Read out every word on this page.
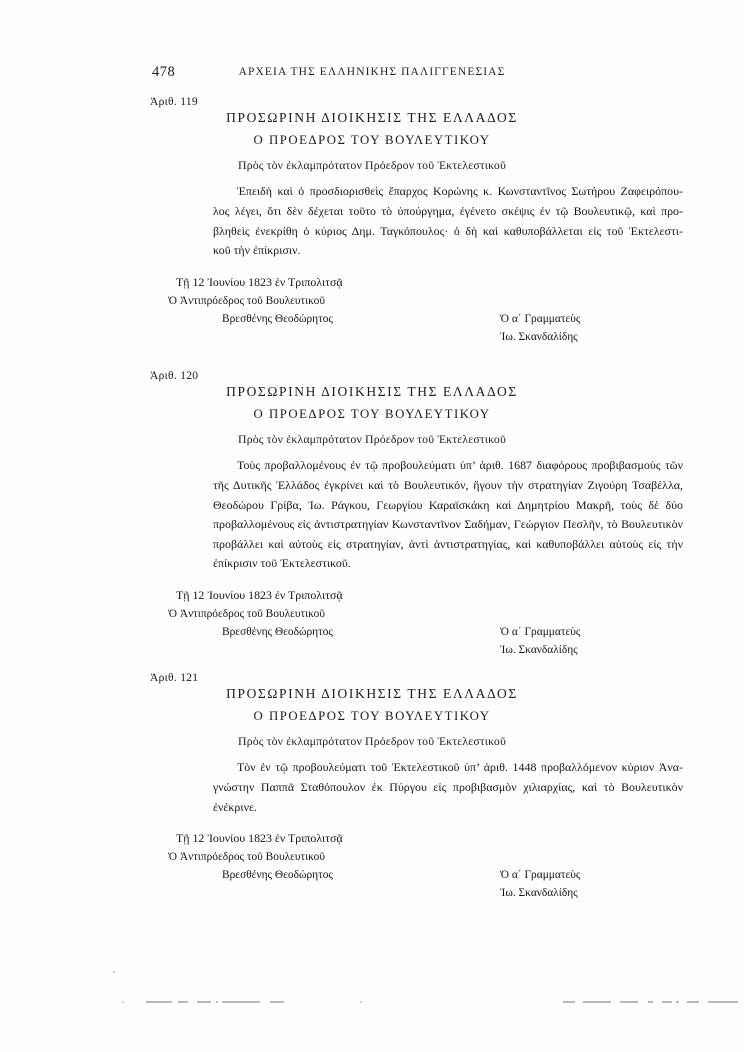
478	ΑΡΧΕΙΑ ΤΗΣ ΕΛΛΗΝΙΚΗΣ ΠΑΛΙΓΓΕΝΕΣΙΑΣ
Ἀριθ. 119
ΠΡΟΣΩΡΙΝΗ ΔΙΟΙΚΗΣΙΣ ΤΗΣ ΕΛΛΑΔΟΣ
Ο ΠΡΟΕΔΡΟΣ ΤΟΥ ΒΟΥΛΕΥΤΙΚΟΥ
Πρὸς τὸν ἐκλαμπρότατον Πρόεδρον τοῦ Ἐκτελεστικοῦ
Ἐπειδὴ καὶ ὁ προσδιορισθεὶς ἔπαρχος Κορώνης κ. Κωνσταντῖνος Σωτήρου Ζαφειρόπου-
λος λέγει, ὅτι δὲν δέχεται τοῦτο τὸ ὑπούργημα, ἐγένετο σκέψις ἐν τῷ Βουλευτικῷ, καὶ προ-
βληθεὶς ἐνεκρίθη ὁ κύριος Δημ. Ταγκόπουλος· ὁ δὴ καὶ καθυποβάλλεται εἰς τοῦ Ἐκτελεστι-
κοῦ τὴν ἐπίκρισιν.
Τῇ 12 Ἰουνίου 1823 ἐν Τριπολιτσᾷ
Ὁ Ἀντιπρόεδρος τοῦ Βουλευτικοῦ
Βρεσθένης Θεοδώρητος	Ὁ α΄ Γραμματεὺς
Ἰω. Σκανδαλίδης
Ἀριθ. 120
ΠΡΟΣΩΡΙΝΗ ΔΙΟΙΚΗΣΙΣ ΤΗΣ ΕΛΛΑΔΟΣ
Ο ΠΡΟΕΔΡΟΣ ΤΟΥ ΒΟΥΛΕΥΤΙΚΟΥ
Πρὸς τὸν ἐκλαμπρότατον Πρόεδρον τοῦ Ἐκτελεστικοῦ
Τοὺς προβαλλομένους ἐν τῷ προβουλεύματι ὑπ’ ἀριθ. 1687 διαφόρους προβιβασμοὺς τῶν
τῆς Δυτικῆς Ἑλλάδος ἐγκρίνει καὶ τὸ Βουλευτικόν, ἤγουν τὴν στρατηγίαν Ζιγούρη Τσαβέλλα,
Θεοδώρου Γρίβα, Ἰω. Ράγκου, Γεωργίου Καραϊσκάκη καὶ Δημητρίου Μακρῆ, τοὺς δὲ δύο
προβαλλομένους εἰς ἀντιστρατηγίαν Κωνσταντῖνον Σαδήμαν, Γεώργιον Πεσλῆν, τὸ Βουλευτικὸν
προβάλλει καὶ αὐτοὺς εἰς στρατηγίαν, ἀντὶ ἀντιστρατηγίας, καὶ καθυποβάλλει αὐτοὺς εἰς τὴν
ἐπίκρισιν τοῦ Ἐκτελεστικοῦ.
Τῇ 12 Ἰουνίου 1823 ἐν Τριπολιτσᾷ
Ὁ Ἀντιπρόεδρος τοῦ Βουλευτικοῦ
Βρεσθένης Θεοδώρητος	Ὁ α΄ Γραμματεὺς
Ἰω. Σκανδαλίδης
Ἀριθ. 121
ΠΡΟΣΩΡΙΝΗ ΔΙΟΙΚΗΣΙΣ ΤΗΣ ΕΛΛΑΔΟΣ
Ο ΠΡΟΕΔΡΟΣ ΤΟΥ ΒΟΥΛΕΥΤΙΚΟΥ
Πρὸς τὸν ἐκλαμπρότατον Πρόεδρον τοῦ Ἐκτελεστικοῦ
Τὸν ἐν τῷ προβουλεύματι τοῦ Ἐκτελεστικοῦ ὑπ’ ἀριθ. 1448 προβαλλόμενον κύριον Ἀνα-
γνώστην Παππᾶ Σταθόπουλον ἐκ Πύργου εἰς προβιβασμὸν χιλιαρχίας, καὶ τὸ Βουλευτικὸν
ἐνέκρινε.
Τῇ 12 Ἰουνίου 1823 ἐν Τριπολιτσᾷ
Ὁ Ἀντιπρόεδρος τοῦ Βουλευτικοῦ
Βρεσθένης Θεοδώρητος	Ὁ α΄ Γραμματεὺς
Ἰω. Σκανδαλίδης
